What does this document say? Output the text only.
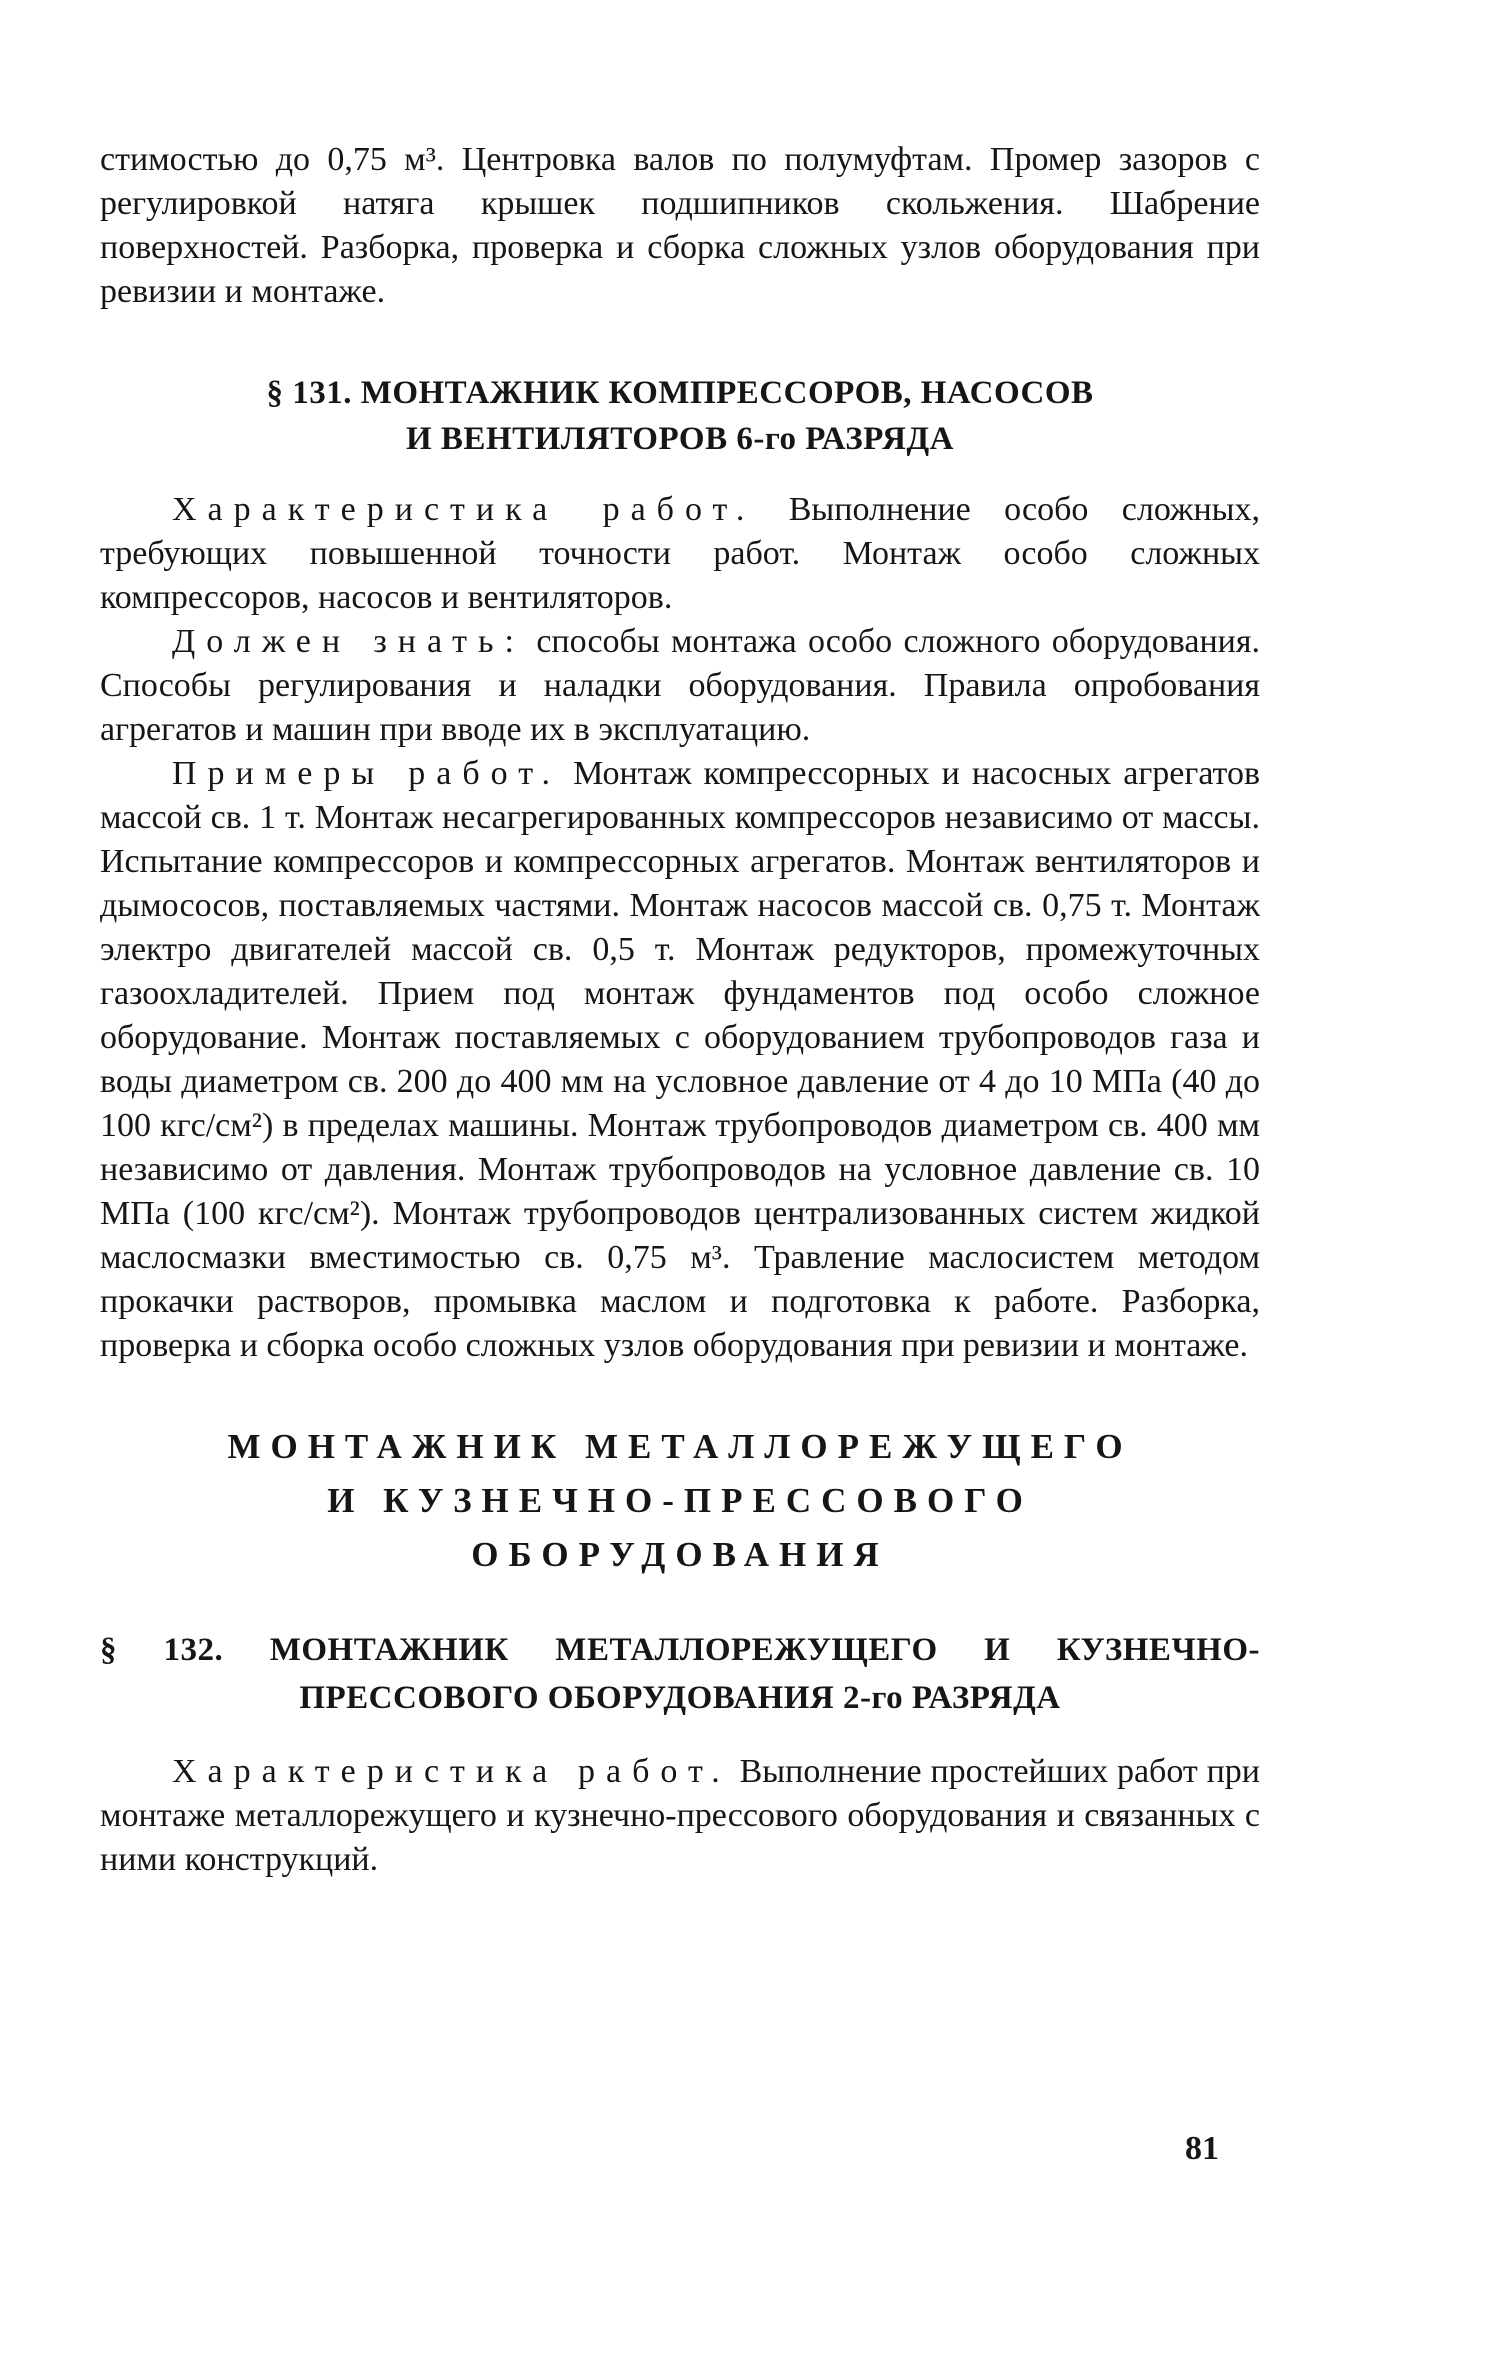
стимостью до 0,75 м³. Центровка валов по полумуфтам. Промер зазоров с регулировкой натяга крышек подшипников скольжения. Шабрение поверхностей. Разборка, проверка и сборка сложных узлов оборудования при ревизии и монтаже.

§ 131. МОНТАЖНИК КОМПРЕССОРОВ, НАСОСОВ
И ВЕНТИЛЯТОРОВ 6-го РАЗРЯДА

Характеристика работ. Выполнение особо сложных, требующих повышенной точности работ. Монтаж особо сложных компрессоров, насосов и вентиляторов.

Должен знать: способы монтажа особо сложного оборудования. Способы регулирования и наладки оборудования. Правила опробования агрегатов и машин при вводе их в эксплуатацию.

Примеры работ. Монтаж компрессорных и насосных агрегатов массой св. 1 т. Монтаж несагрегированных компрессоров независимо от массы. Испытание компрессоров и компрессорных агрегатов. Монтаж вентиляторов и дымососов, поставляемых частями. Монтаж насосов массой св. 0,75 т. Монтаж электро двигателей массой св. 0,5 т. Монтаж редукторов, промежуточных газоохладителей. Прием под монтаж фундаментов под особо сложное оборудование. Монтаж поставляемых с оборудованием трубопроводов газа и воды диаметром св. 200 до 400 мм на условное давление от 4 до 10 МПа (40 до 100 кгс/см²) в пределах машины. Монтаж трубопроводов диаметром св. 400 мм независимо от давления. Монтаж трубопроводов на условное давление св. 10 МПа (100 кгс/см²). Монтаж трубопроводов централизованных систем жидкой маслосмазки вместимостью св. 0,75 м³. Травление маслосистем методом прокачки растворов, промывка маслом и подготовка к работе. Разборка, проверка и сборка особо сложных узлов оборудования при ревизии и монтаже.

МОНТАЖНИК МЕТАЛЛОРЕЖУЩЕГО
И КУЗНЕЧНО-ПРЕССОВОГО
ОБОРУДОВАНИЯ
§ 132. МОНТАЖНИК МЕТАЛЛОРЕЖУЩЕГО И КУЗНЕЧНО-
ПРЕССОВОГО ОБОРУДОВАНИЯ 2-го РАЗРЯДА

Характеристика работ. Выполнение простейших работ при монтаже металлорежущего и кузнечно-прессового оборудования и связанных с ними конструкций.

81
